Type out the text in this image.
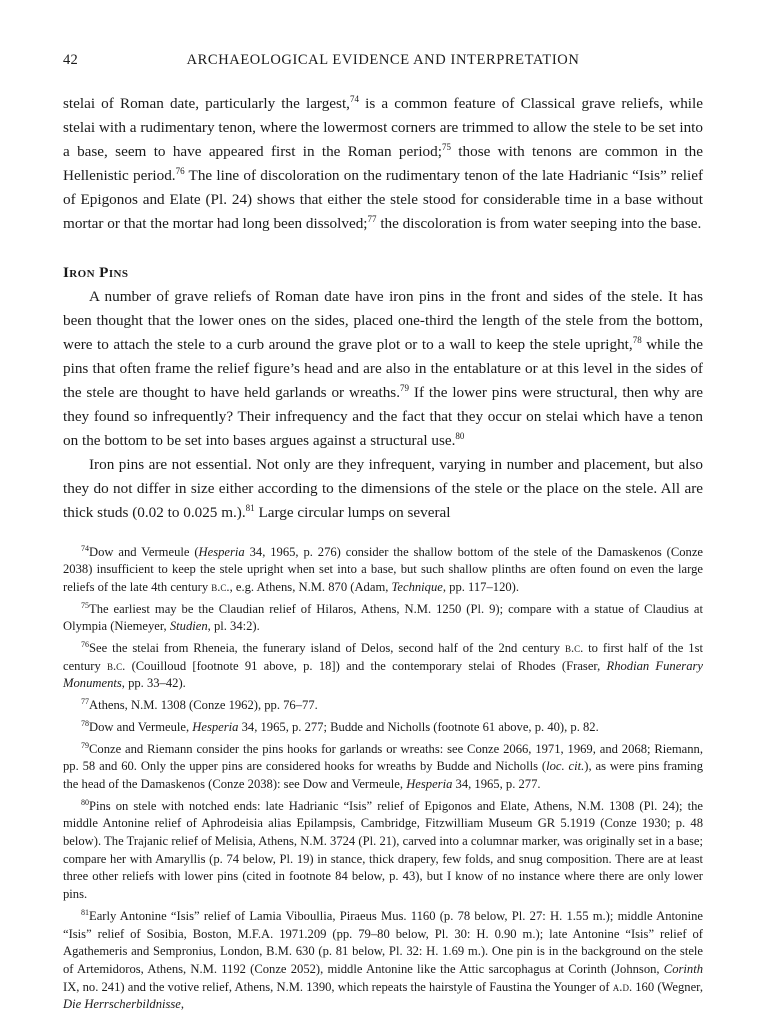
42	ARCHAEOLOGICAL EVIDENCE AND INTERPRETATION

stelai of Roman date, particularly the largest,$^{74}$ is a common feature of Classical grave reliefs, while stelai with a rudimentary tenon, where the lowermost corners are trimmed to allow the stele to be set into a base, seem to have appeared first in the Roman period;$^{75}$ those with tenons are common in the Hellenistic period.$^{76}$ The line of discoloration on the rudimentary tenon of the late Hadrianic “Isis” relief of Epigonos and Elate (Pl. 24) shows that either the stele stood for considerable time in a base without mortar or that the mortar had long been dissolved;$^{77}$ the discoloration is from water seeping into the base.

Iron Pins

A number of grave reliefs of Roman date have iron pins in the front and sides of the stele. It has been thought that the lower ones on the sides, placed one-third the length of the stele from the bottom, were to attach the stele to a curb around the grave plot or to a wall to keep the stele upright,$^{78}$ while the pins that often frame the relief figure’s head and are also in the entablature or at this level in the sides of the stele are thought to have held garlands or wreaths.$^{79}$ If the lower pins were structural, then why are they found so infrequently? Their infrequency and the fact that they occur on stelai which have a tenon on the bottom to be set into bases argues against a structural use.$^{80}$

Iron pins are not essential. Not only are they infrequent, varying in number and placement, but also they do not differ in size either according to the dimensions of the stele or the place on the stele. All are thick studs (0.02 to 0.025 m.).$^{81}$ Large circular lumps on several

$^{74}$Dow and Vermeule (Hesperia 34, 1965, p. 276) consider the shallow bottom of the stele of the Damaskenos (Conze 2038) insufficient to keep the stele upright when set into a base, but such shallow plinths are often found on even the large reliefs of the late 4th century b.c., e.g. Athens, N.M. 870 (Adam, Technique, pp. 117–120).

$^{75}$The earliest may be the Claudian relief of Hilaros, Athens, N.M. 1250 (Pl. 9); compare with a statue of Claudius at Olympia (Niemeyer, Studien, pl. 34:2).

$^{76}$See the stelai from Rheneia, the funerary island of Delos, second half of the 2nd century b.c. to first half of the 1st century b.c. (Couilloud [footnote 91 above, p. 18]) and the contemporary stelai of Rhodes (Fraser, Rhodian Funerary Monuments, pp. 33–42).

$^{77}$Athens, N.M. 1308 (Conze 1962), pp. 76–77.

$^{78}$Dow and Vermeule, Hesperia 34, 1965, p. 277; Budde and Nicholls (footnote 61 above, p. 40), p. 82.

$^{79}$Conze and Riemann consider the pins hooks for garlands or wreaths: see Conze 2066, 1971, 1969, and 2068; Riemann, pp. 58 and 60. Only the upper pins are considered hooks for wreaths by Budde and Nicholls (loc. cit.), as were pins framing the head of the Damaskenos (Conze 2038): see Dow and Vermeule, Hesperia 34, 1965, p. 277.

$^{80}$Pins on stele with notched ends: late Hadrianic “Isis” relief of Epigonos and Elate, Athens, N.M. 1308 (Pl. 24); the middle Antonine relief of Aphrodeisia alias Epilampsis, Cambridge, Fitzwilliam Museum GR 5.1919 (Conze 1930; p. 48 below). The Trajanic relief of Melisia, Athens, N.M. 3724 (Pl. 21), carved into a columnar marker, was originally set in a base; compare her with Amaryllis (p. 74 below, Pl. 19) in stance, thick drapery, few folds, and snug composition. There are at least three other reliefs with lower pins (cited in footnote 84 below, p. 43), but I know of no instance where there are only lower pins.

$^{81}$Early Antonine “Isis” relief of Lamia Viboullia, Piraeus Mus. 1160 (p. 78 below, Pl. 27: H. 1.55 m.); middle Antonine “Isis” relief of Sosibia, Boston, M.F.A. 1971.209 (pp. 79–80 below, Pl. 30: H. 0.90 m.); late Antonine “Isis” relief of Agathemeris and Sempronius, London, B.M. 630 (p. 81 below, Pl. 32: H. 1.69 m.). One pin is in the background on the stele of Artemidoros, Athens, N.M. 1192 (Conze 2052), middle Antonine like the Attic sarcophagus at Corinth (Johnson, Corinth IX, no. 241) and the votive relief, Athens, N.M. 1390, which repeats the hairstyle of Faustina the Younger of a.d. 160 (Wegner, Die Herrscherbildnisse,
